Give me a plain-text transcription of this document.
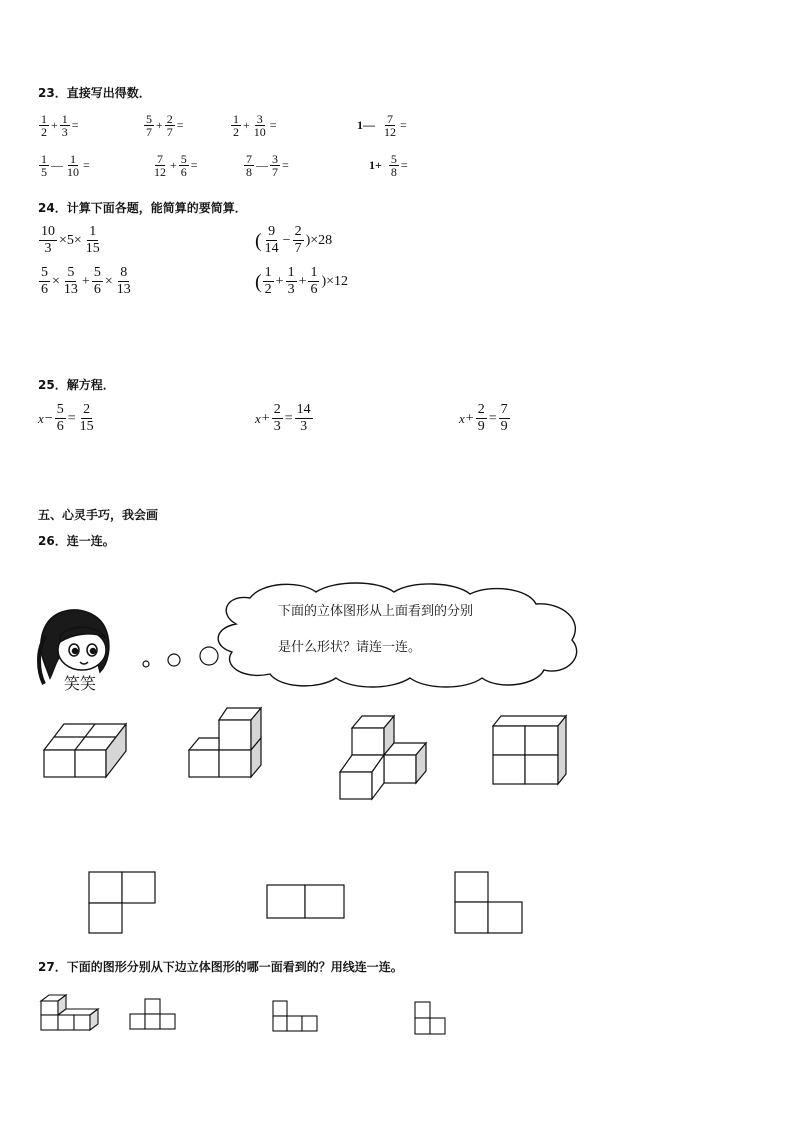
23．直接写出得数．
$\frac{1}{2} + \frac{1}{3}$ =	$\frac{5}{7} + \frac{2}{7}$ =	$\frac{1}{2} + \frac{3}{10}$ =	1— $\frac{7}{12}$ =
$\frac{1}{5}$ — $\frac{1}{10}$ =	$\frac{7}{12} + \frac{5}{6}$ =	$\frac{7}{8}$ — $\frac{3}{7}$ =	$1+ \frac{5}{8}$ =
24．计算下面各题，能简算的要简算．
$\frac{10}{3} \times 5\times \frac{1}{15}$	( $\frac{9}{14} - \frac{2}{7} )\times 28$
$\frac{5}{6} \times \frac{5}{13} + \frac{5}{6} \times \frac{8}{13}$	( $\frac{1}{2} + \frac{1}{3} + \frac{1}{6} )\times 12$
25．解方程．
$x - \frac{5}{6} = \frac{2}{15}$	$x + \frac{2}{3} = \frac{14}{3}$	$x + \frac{2}{9} = \frac{7}{9}$
五、心灵手巧，我会画
26．连一连。
笑笑
下面的立体图形从上面看到的分别
是什么形状？请连一连。
27．下面的图形分别从下边立体图形的哪一面看到的？用线连一连。
